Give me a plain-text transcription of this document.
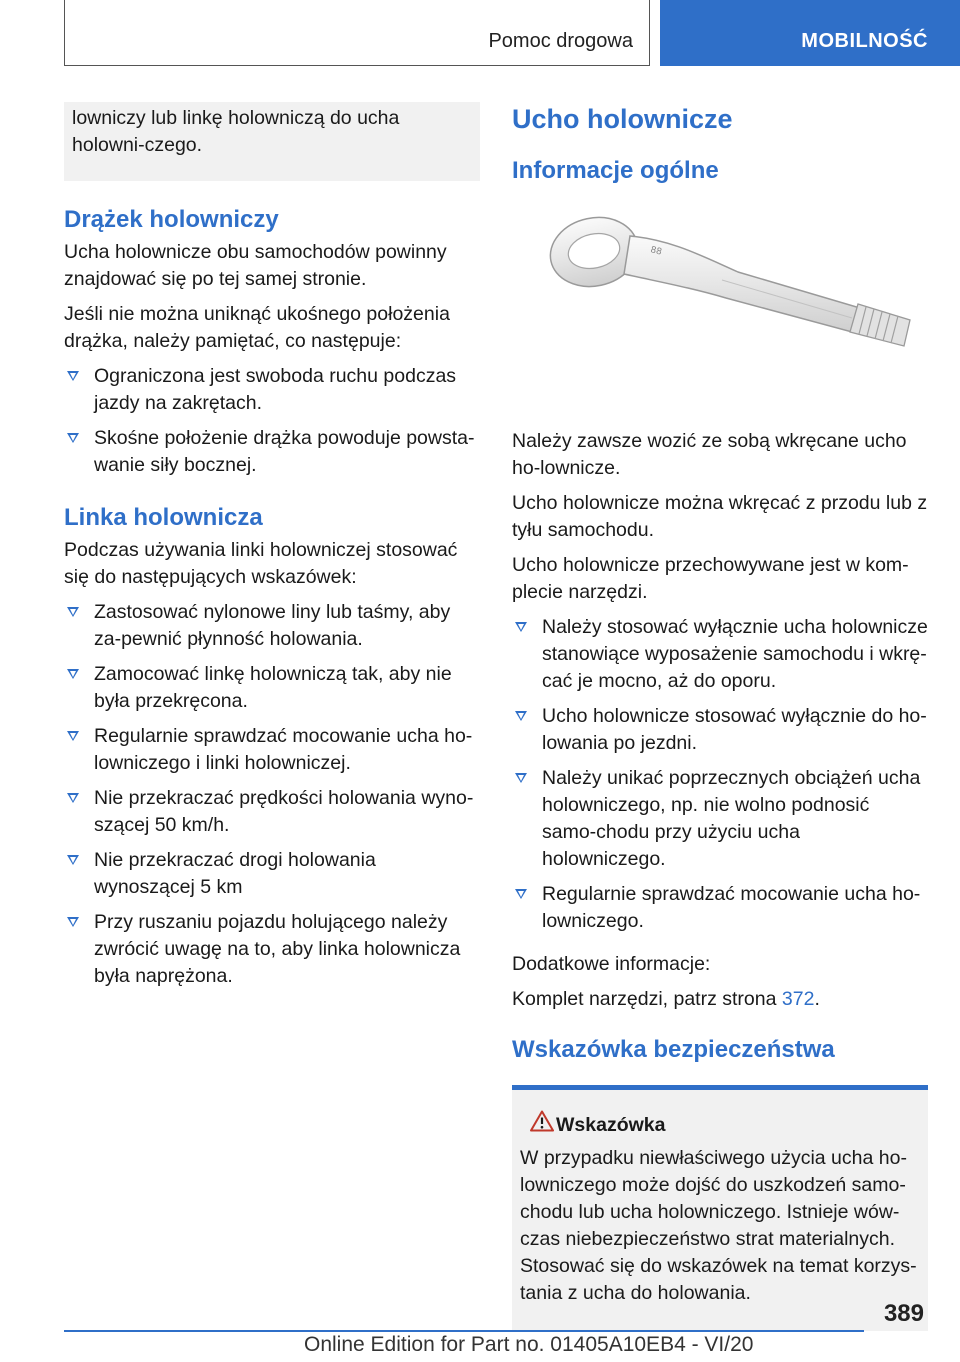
Pomoc drogowa	MOBILNOŚĆ
lowniczy lub linkę holowniczą do ucha holowni-czego.
Drążek holowniczy
Ucha holownicze obu samochodów powinny znajdować się po tej samej stronie.
Jeśli nie można uniknąć ukośnego położenia drążka, należy pamiętać, co następuje:
Ograniczona jest swoboda ruchu podczas jazdy na zakrętach.
Skośne położenie drążka powoduje powsta-wanie siły bocznej.
Linka holownicza
Podczas używania linki holowniczej stosować się do następujących wskazówek:
Zastosować nylonowe liny lub taśmy, aby za-pewnić płynność holowania.
Zamocować linkę holowniczą tak, aby nie była przekręcona.
Regularnie sprawdzać mocowanie ucha ho-lowniczego i linki holowniczej.
Nie przekraczać prędkości holowania wyno-szącej 50 km/h.
Nie przekraczać drogi holowania wynoszącej 5 km
Przy ruszaniu pojazdu holującego należy zwrócić uwagę na to, aby linka holownicza była naprężona.
Ucho holownicze
Informacje ogólne
88
Należy zawsze wozić ze sobą wkręcane ucho ho-lownicze.
Ucho holownicze można wkręcać z przodu lub z tyłu samochodu.
Ucho holownicze przechowywane jest w kom-plecie narzędzi.
Należy stosować wyłącznie ucha holownicze stanowiące wyposażenie samochodu i wkrę-cać je mocno, aż do oporu.
Ucho holownicze stosować wyłącznie do ho-lowania po jezdni.
Należy unikać poprzecznych obciążeń ucha holowniczego, np. nie wolno podnosić samo-chodu przy użyciu ucha holowniczego.
Regularnie sprawdzać mocowanie ucha ho-lowniczego.
Dodatkowe informacje:
Komplet narzędzi, patrz strona 372.
Wskazówka bezpieczeństwa
Wskazówka
W przypadku niewłaściwego użycia ucha ho-lowniczego może dojść do uszkodzeń samo-chodu lub ucha holowniczego. Istnieje wów-czas niebezpieczeństwo strat materialnych. Stosować się do wskazówek na temat korzys-tania z ucha do holowania.
389
Online Edition for Part no. 01405A10EB4 - VI/20
